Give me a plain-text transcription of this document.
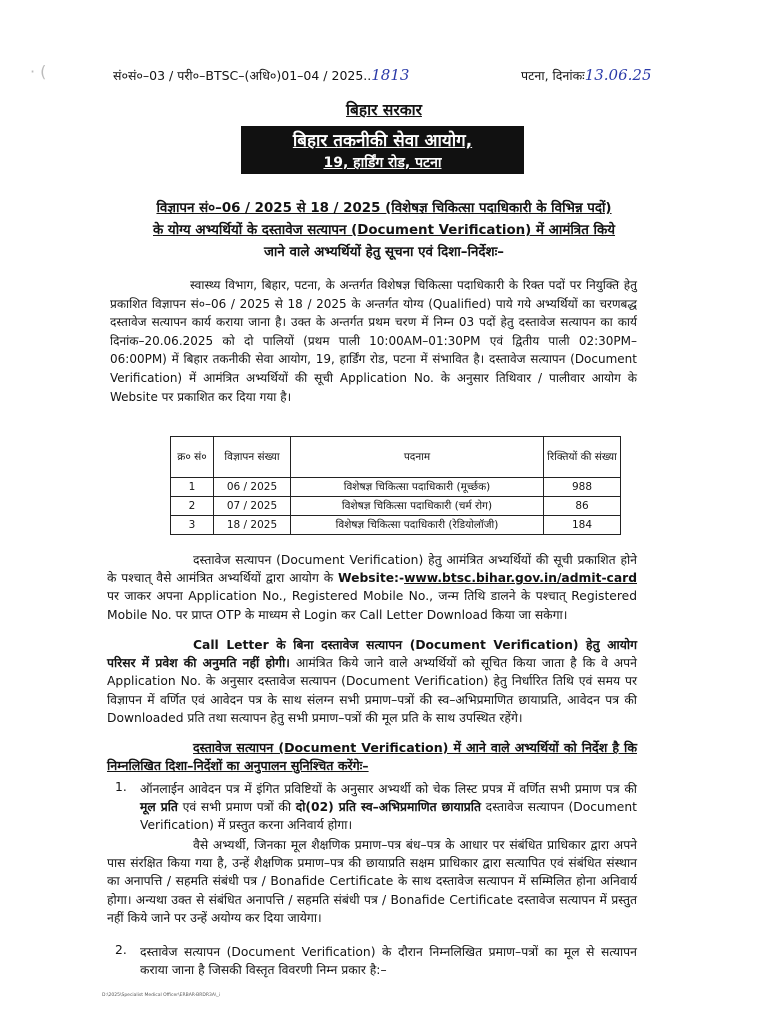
· (	सं०सं०–03 / परी०–BTSC–(अधि०)01–04 / 2025..1813	पटना, दिनांकः13.06.25
बिहार सरकार
बिहार तकनीकी सेवा आयोग,
19, हार्डिंग रोड, पटना
विज्ञापन सं०–06 / 2025 से 18 / 2025 (विशेषज्ञ चिकित्सा पदाधिकारी के विभिन्न पदों)
के योग्य अभ्यर्थियों के दस्तावेज सत्यापन (Document Verification) में आमंत्रित किये
जाने वाले अभ्यर्थियों हेतु सूचना एवं दिशा–निर्देशः–
स्वास्थ्य विभाग, बिहार, पटना, के अन्तर्गत विशेषज्ञ चिकित्सा पदाधिकारी के रिक्त पदों पर नियुक्ति हेतु प्रकाशित विज्ञापन सं०–06 / 2025 से 18 / 2025 के अन्तर्गत योग्य (Qualified) पाये गये अभ्यर्थियों का चरणबद्ध दस्तावेज सत्यापन कार्य कराया जाना है। उक्त के अन्तर्गत प्रथम चरण में निम्न 03 पदों हेतु दस्तावेज सत्यापन का कार्य दिनांक–20.06.2025 को दो पालियों (प्रथम पाली 10:00AM–01:30PM एवं द्वितीय पाली 02:30PM–06:00PM) में बिहार तकनीकी सेवा आयोग, 19, हार्डिंग रोड, पटना में संभावित है। दस्तावेज सत्यापन (Document Verification) में आमंत्रित अभ्यर्थियों की सूची Application No. के अनुसार तिथिवार / पालीवार आयोग के Website पर प्रकाशित कर दिया गया है।
क्र० सं०	विज्ञापन संख्या	पदनाम	रिक्तियों की संख्या
1	06 / 2025	विशेषज्ञ चिकित्सा पदाधिकारी (मूर्च्छक)	988
2	07 / 2025	विशेषज्ञ चिकित्सा पदाधिकारी (चर्म रोग)	86
3	18 / 2025	विशेषज्ञ चिकित्सा पदाधिकारी (रेडियोलॉजी)	184
दस्तावेज सत्यापन (Document Verification) हेतु आमंत्रित अभ्यर्थियों की सूची प्रकाशित होने के पश्चात् वैसे आमंत्रित अभ्यर्थियों द्वारा आयोग के Website:-www.btsc.bihar.gov.in/admit-card पर जाकर अपना Application No., Registered Mobile No., जन्म तिथि डालने के पश्चात् Registered Mobile No. पर प्राप्त OTP के माध्यम से Login कर Call Letter Download किया जा सकेगा।
Call Letter के बिना दस्तावेज सत्यापन (Document Verification) हेतु आयोग परिसर में प्रवेश की अनुमति नहीं होगी। आमंत्रित किये जाने वाले अभ्यर्थियों को सूचित किया जाता है कि वे अपने Application No. के अनुसार दस्तावेज सत्यापन (Document Verification) हेतु निर्धारित तिथि एवं समय पर विज्ञापन में वर्णित एवं आवेदन पत्र के साथ संलग्न सभी प्रमाण–पत्रों की स्व–अभिप्रमाणित छायाप्रति, आवेदन पत्र की Downloaded प्रति तथा सत्यापन हेतु सभी प्रमाण–पत्रों की मूल प्रति के साथ उपस्थित रहेंगे।
दस्तावेज सत्यापन (Document Verification) में आने वाले अभ्यर्थियों को निर्देश है कि निम्नलिखित दिशा–निर्देशों का अनुपालन सुनिश्चित करेंगेः–
1. ऑनलाईन आवेदन पत्र में इंगित प्रविष्टियों के अनुसार अभ्यर्थी को चेक लिस्ट प्रपत्र में वर्णित सभी प्रमाण पत्र की मूल प्रति एवं सभी प्रमाण पत्रों की दो(02) प्रति स्व–अभिप्रमाणित छायाप्रति दस्तावेज सत्यापन (Document Verification) में प्रस्तुत करना अनिवार्य होगा।
वैसे अभ्यर्थी, जिनका मूल शैक्षणिक प्रमाण–पत्र बंध–पत्र के आधार पर संबंधित प्राधिकार द्वारा अपने पास संरक्षित किया गया है, उन्हें शैक्षणिक प्रमाण–पत्र की छायाप्रति सक्षम प्राधिकार द्वारा सत्यापित एवं संबंधित संस्थान का अनापत्ति / सहमति संबंधी पत्र / Bonafide Certificate के साथ दस्तावेज सत्यापन में सम्मिलित होना अनिवार्य होगा। अन्यथा उक्त से संबंधित अनापत्ति / सहमति संबंधी पत्र / Bonafide Certificate दस्तावेज सत्यापन में प्रस्तुत नहीं किये जाने पर उन्हें अयोग्य कर दिया जायेगा।
2. दस्तावेज सत्यापन (Document Verification) के दौरान निम्नलिखित प्रमाण–पत्रों का मूल से सत्यापन कराया जाना है जिसकी विस्तृत विवरणी निम्न प्रकार है:–
D:\2025\Specialist Medical Officer\ERBAR-BRDR3A\_i
